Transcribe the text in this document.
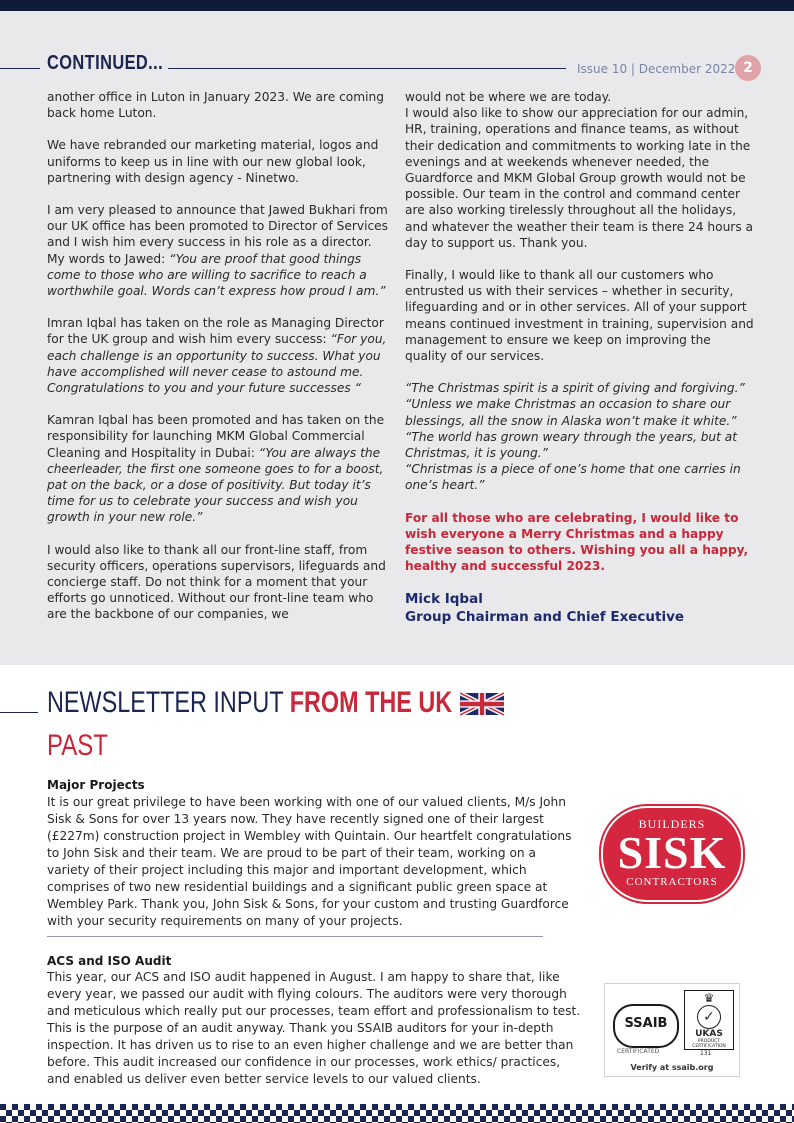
CONTINUED...	Issue 10 | December 2022 2

another office in Luton in January 2023. We are coming back home Luton.

We have rebranded our marketing material, logos and uniforms to keep us in line with our new global look, partnering with design agency - Ninetwo.

I am very pleased to announce that Jawed Bukhari from our UK office has been promoted to Director of Services and I wish him every success in his role as a director. My words to Jawed: “You are proof that good things come to those who are willing to sacrifice to reach a worthwhile goal. Words can’t express how proud I am.”

Imran Iqbal has taken on the role as Managing Director for the UK group and wish him every success: “For you, each challenge is an opportunity to success. What you have accomplished will never cease to astound me. Congratulations to you and your future successes “

Kamran Iqbal has been promoted and has taken on the responsibility for launching MKM Global Commercial Cleaning and Hospitality in Dubai: “You are always the cheerleader, the first one someone goes to for a boost, pat on the back, or a dose of positivity. But today it’s time for us to celebrate your success and wish you growth in your new role.”

I would also like to thank all our front-line staff, from security officers, operations supervisors, lifeguards and concierge staff. Do not think for a moment that your efforts go unnoticed. Without our front-line team who are the backbone of our companies, we

would not be where we are today.

I would also like to show our appreciation for our admin, HR, training, operations and finance teams, as without their dedication and commitments to working late in the evenings and at weekends whenever needed, the Guardforce and MKM Global Group growth would not be possible. Our team in the control and command center are also working tirelessly throughout all the holidays, and whatever the weather their team is there 24 hours a day to support us. Thank you.

Finally, I would like to thank all our customers who entrusted us with their services – whether in security, lifeguarding and or in other services. All of your support means continued investment in training, supervision and management to ensure we keep on improving the quality of our services.

“The Christmas spirit is a spirit of giving and forgiving.”
“Unless we make Christmas an occasion to share our blessings, all the snow in Alaska won’t make it white.”
“The world has grown weary through the years, but at Christmas, it is young.”
“Christmas is a piece of one’s home that one carries in one’s heart.”

For all those who are celebrating, I would like to wish everyone a Merry Christmas and a happy festive season to others. Wishing you all a happy, healthy and successful 2023.

Mick Iqbal
Group Chairman and Chief Executive
NEWSLETTER INPUT FROM THE UK
PAST
Major Projects
It is our great privilege to have been working with one of our valued clients, M/s John Sisk & Sons for over 13 years now. They have recently signed one of their largest (£227m) construction project in Wembley with Quintain. Our heartfelt congratulations to John Sisk and their team. We are proud to be part of their team, working on a variety of their project including this major and important development, which comprises of two new residential buildings and a significant public green space at Wembley Park. Thank you, John Sisk & Sons, for your custom and trusting Guardforce with your security requirements on many of your projects.
BUILDERS
SISK
CONTRACTORS
ACS and ISO Audit
This year, our ACS and ISO audit happened in August. I am happy to share that, like every year, we passed our audit with flying colours. The auditors were very thorough and meticulous which really put our processes, team effort and professionalism to test. This is the purpose of an audit anyway. Thank you SSAIB auditors for your in-depth inspection. It has driven us to rise to an even higher challenge and we are better than before. This audit increased our confidence in our processes, work ethics/ practices, and enabled us deliver even better service levels to our valued clients.
SSAIB
CERTIFICATED
♛
✓
UKAS
PRODUCT CERTIFICATION
131
Verify at ssaib.org
